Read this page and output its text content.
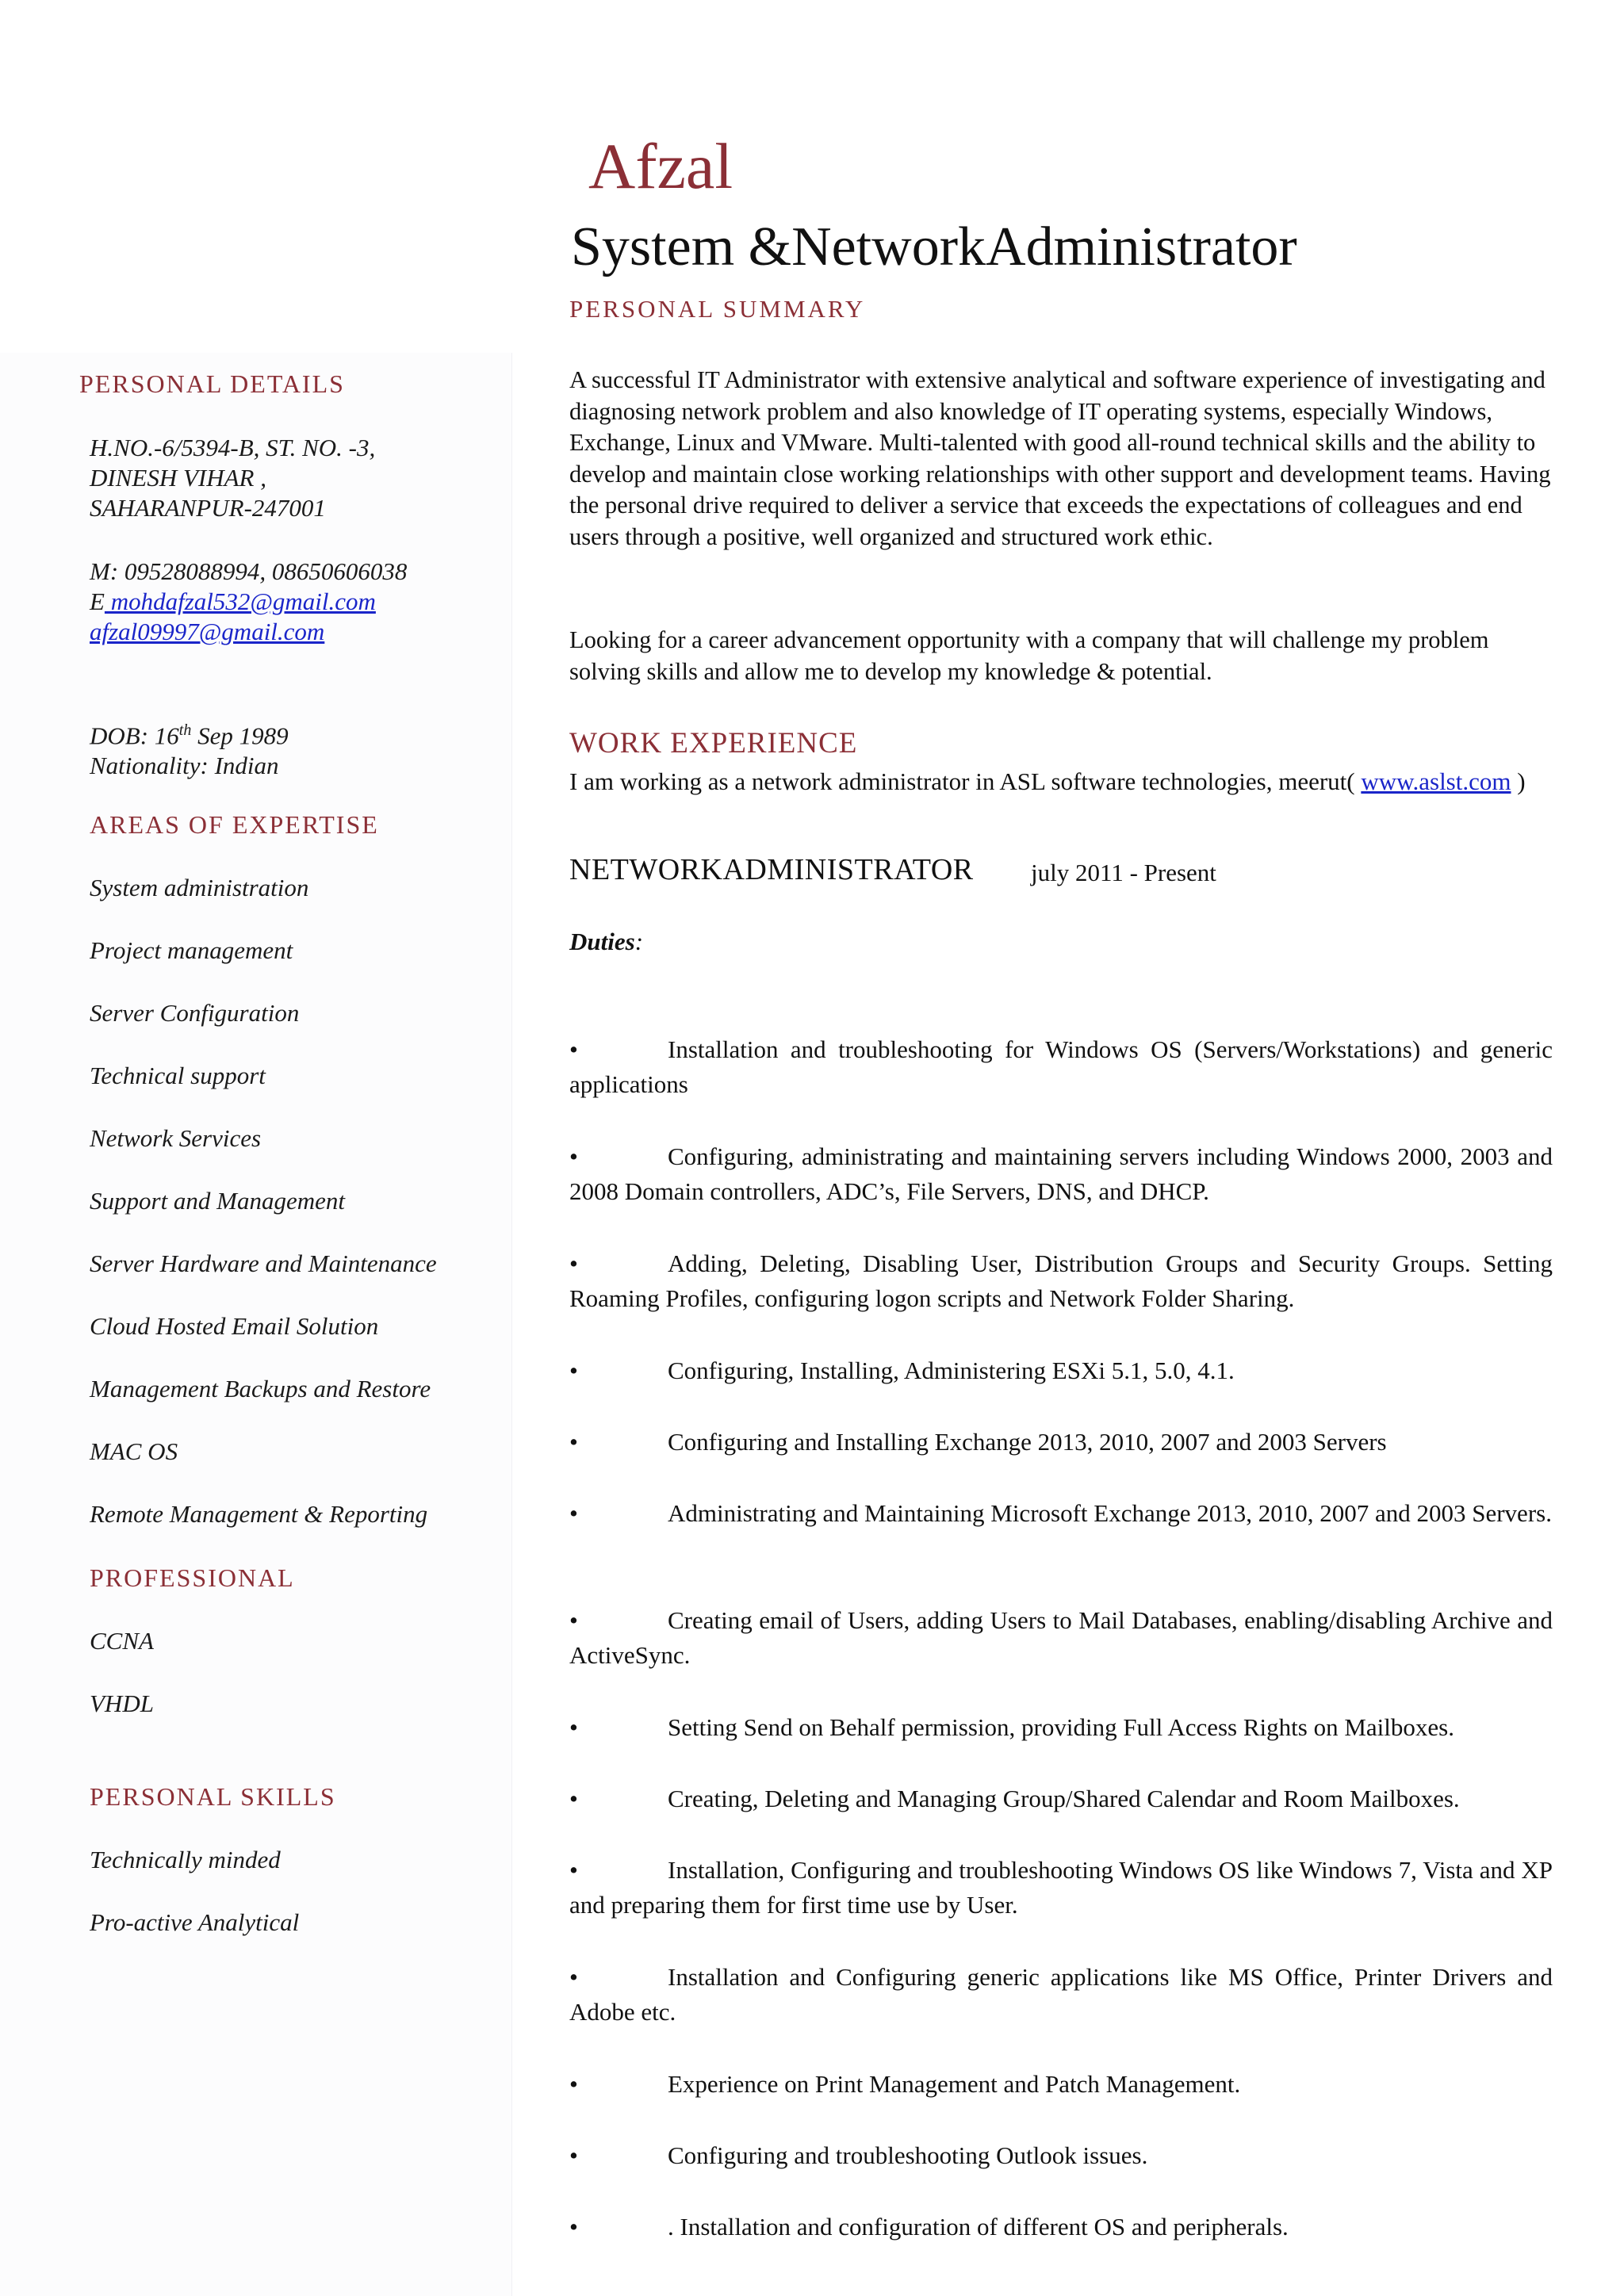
Afzal
System &NetworkAdministrator
PERSONAL DETAILS
H.NO.-6/5394-B, ST. NO. -3,
DINESH VIHAR ,
SAHARANPUR-247001
M: 09528088994, 08650606038
E mohdafzal532@gmail.com
afzal09997@gmail.com
DOB: 16th Sep 1989
Nationality: Indian
AREAS OF EXPERTISE
System administration
Project management
Server Configuration
Technical support
Network Services
Support and Management
Server Hardware and Maintenance
Cloud Hosted Email Solution
Management Backups and Restore
MAC OS
Remote Management & Reporting
PROFESSIONAL
CCNA
VHDL
PERSONAL SKILLS
Technically minded
Pro-active Analytical
PERSONAL SUMMARY

A successful IT Administrator with extensive analytical and software experience of investigating and diagnosing network problem and also knowledge of IT operating systems, especially Windows, Exchange, Linux and VMware. Multi-talented with good all-round technical skills and the ability to develop and maintain close working relationships with other support and development teams. Having the personal drive required to deliver a service that exceeds the expectations of colleagues and end users through a positive, well organized and structured work ethic.

Looking for a career advancement opportunity with a company that will challenge my problem solving skills and allow me to develop my knowledge & potential.

WORK EXPERIENCE

I am working as a network administrator in ASL software technologies, meerut( www.aslst.com )

NETWORKADMINISTRATOR july 2011 - Present
Duties:
•	Installation and troubleshooting for Windows OS (Servers/Workstations) and generic applications
•	Configuring, administrating and maintaining servers including Windows 2000, 2003 and 2008 Domain controllers, ADC’s, File Servers, DNS, and DHCP.
•	Adding, Deleting, Disabling User, Distribution Groups and Security Groups. Setting Roaming Profiles, configuring logon scripts and Network Folder Sharing.
•	Configuring, Installing, Administering ESXi 5.1, 5.0, 4.1.
•	Configuring and Installing Exchange 2013, 2010, 2007 and 2003 Servers
•	Administrating and Maintaining Microsoft Exchange 2013, 2010, 2007 and 2003 Servers.
•	Creating email of Users, adding Users to Mail Databases, enabling/disabling Archive and ActiveSync.
•	Setting Send on Behalf permission, providing Full Access Rights on Mailboxes.
•	Creating, Deleting and Managing Group/Shared Calendar and Room Mailboxes.
•	Installation, Configuring and troubleshooting Windows OS like Windows 7, Vista and XP and preparing them for first time use by User.
•	Installation and Configuring generic applications like MS Office, Printer Drivers and Adobe etc.
•	Experience on Print Management and Patch Management.
•	Configuring and troubleshooting Outlook issues.
•	. Installation and configuration of different OS and peripherals.
